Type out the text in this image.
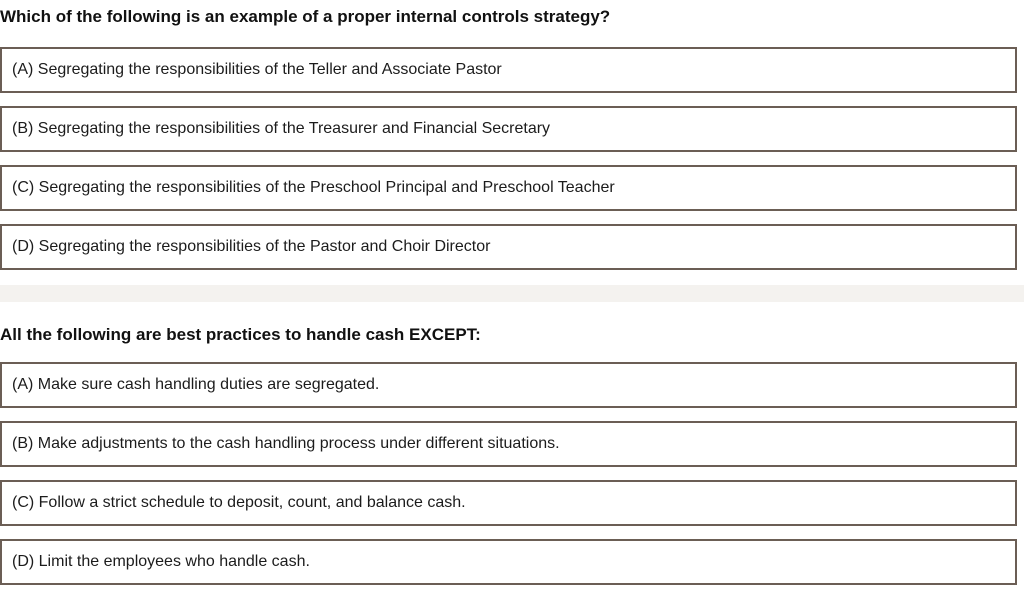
Which of the following is an example of a proper internal controls strategy?
(A) Segregating the responsibilities of the Teller and Associate Pastor
(B) Segregating the responsibilities of the Treasurer and Financial Secretary
(C) Segregating the responsibilities of the Preschool Principal and Preschool Teacher
(D) Segregating the responsibilities of the Pastor and Choir Director
All the following are best practices to handle cash EXCEPT:
(A) Make sure cash handling duties are segregated.
(B) Make adjustments to the cash handling process under different situations.
(C) Follow a strict schedule to deposit, count, and balance cash.
(D) Limit the employees who handle cash.
